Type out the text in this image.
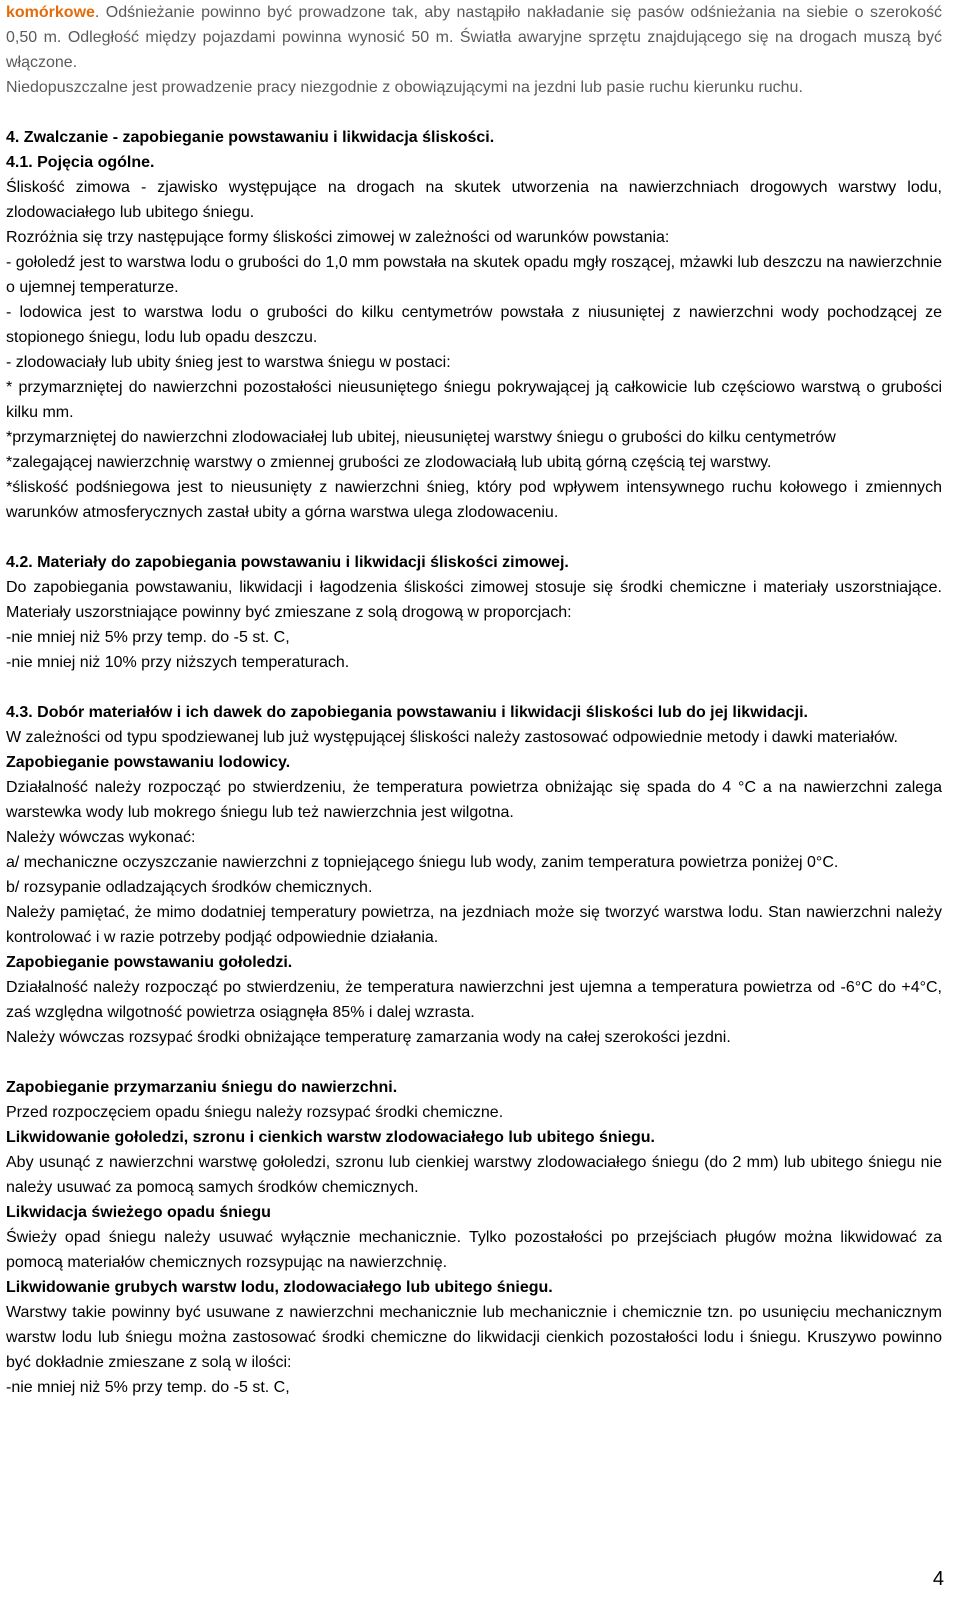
komórkowe. Odśnieżanie powinno być prowadzone tak, aby nastąpiło nakładanie się pasów odśnieżania na siebie o szerokość 0,50 m. Odległość między pojazdami powinna wynosić 50 m. Światła awaryjne sprzętu znajdującego się na drogach muszą być włączone.

Niedopuszczalne jest prowadzenie pracy niezgodnie z obowiązującymi na jezdni lub pasie ruchu kierunku ruchu.

4. Zwalczanie - zapobieganie powstawaniu i likwidacja śliskości.

4.1. Pojęcia ogólne.

Śliskość zimowa - zjawisko występujące na drogach na skutek utworzenia na nawierzchniach drogowych warstwy lodu, zlodowaciałego lub ubitego śniegu.

Rozróżnia się trzy następujące formy śliskości zimowej w zależności od warunków powstania:

- gołoledź jest to warstwa lodu o grubości do 1,0 mm powstała na skutek opadu mgły roszącej, mżawki lub deszczu na nawierzchnie o ujemnej temperaturze.

- lodowica jest to warstwa lodu o grubości do kilku centymetrów powstała z niusuniętej z nawierzchni wody pochodzącej ze stopionego śniegu, lodu lub opadu deszczu.

- zlodowaciały lub ubity śnieg jest to warstwa śniegu w postaci:

* przymarzniętej do nawierzchni pozostałości nieusuniętego śniegu pokrywającej ją całkowicie lub częściowo warstwą o grubości kilku mm.

*przymarzniętej do nawierzchni zlodowaciałej lub ubitej, nieusuniętej warstwy śniegu o grubości do kilku centymetrów

*zalegającej nawierzchnię warstwy o zmiennej grubości ze zlodowaciałą lub ubitą górną częścią tej warstwy.

*śliskość podśniegowa jest to nieusunięty z nawierzchni śnieg, który pod wpływem intensywnego ruchu kołowego i zmiennych warunków atmosferycznych zastał ubity a górna warstwa ulega zlodowaceniu.

4.2. Materiały do zapobiegania powstawaniu i likwidacji śliskości zimowej.

Do zapobiegania powstawaniu, likwidacji i łagodzenia śliskości zimowej stosuje się środki chemiczne i materiały uszorstniające. Materiały uszorstniające powinny być zmieszane z solą drogową w proporcjach:

-nie mniej niż 5% przy temp. do -5 st. C,

-nie mniej niż 10% przy niższych temperaturach.

4.3. Dobór materiałów i ich dawek do zapobiegania powstawaniu i likwidacji śliskości lub do jej likwidacji.

W zależności od typu spodziewanej lub już występującej śliskości należy zastosować odpowiednie metody i dawki materiałów.

Zapobieganie powstawaniu lodowicy.

Działalność należy rozpocząć po stwierdzeniu, że temperatura powietrza obniżając się spada do 4 °C a na nawierzchni zalega warstewka wody lub mokrego śniegu lub też nawierzchnia jest wilgotna.

Należy wówczas wykonać:

a/ mechaniczne oczyszczanie nawierzchni z topniejącego śniegu lub wody, zanim temperatura powietrza poniżej 0°C.

b/ rozsypanie odladzających środków chemicznych.

Należy pamiętać, że mimo dodatniej temperatury powietrza, na jezdniach może się tworzyć warstwa lodu. Stan nawierzchni należy kontrolować i w razie potrzeby podjąć odpowiednie działania.

Zapobieganie powstawaniu gołoledzi.

Działalność należy rozpocząć po stwierdzeniu, że temperatura nawierzchni jest ujemna a temperatura powietrza od -6°C do +4°C, zaś względna wilgotność powietrza osiągnęła 85% i dalej wzrasta.

Należy wówczas rozsypać środki obniżające temperaturę zamarzania wody na całej szerokości jezdni.

Zapobieganie przymarzaniu śniegu do nawierzchni.

Przed rozpoczęciem opadu śniegu należy rozsypać środki chemiczne.

Likwidowanie gołoledzi, szronu i cienkich warstw zlodowaciałego lub ubitego śniegu.

Aby usunąć z nawierzchni warstwę gołoledzi, szronu lub cienkiej warstwy zlodowaciałego śniegu (do 2 mm) lub ubitego śniegu nie należy usuwać za pomocą samych środków chemicznych.

Likwidacja świeżego opadu śniegu

Świeży opad śniegu należy usuwać wyłącznie mechanicznie. Tylko pozostałości po przejściach pługów można likwidować za pomocą materiałów chemicznych rozsypując na nawierzchnię.

Likwidowanie grubych warstw lodu, zlodowaciałego lub ubitego śniegu.

Warstwy takie powinny być usuwane z nawierzchni mechanicznie lub mechanicznie i chemicznie tzn. po usunięciu mechanicznym warstw lodu lub śniegu można zastosować środki chemiczne do likwidacji cienkich pozostałości lodu i śniegu. Kruszywo powinno być dokładnie zmieszane z solą w ilości:

-nie mniej niż 5% przy temp. do -5 st. C,

4
